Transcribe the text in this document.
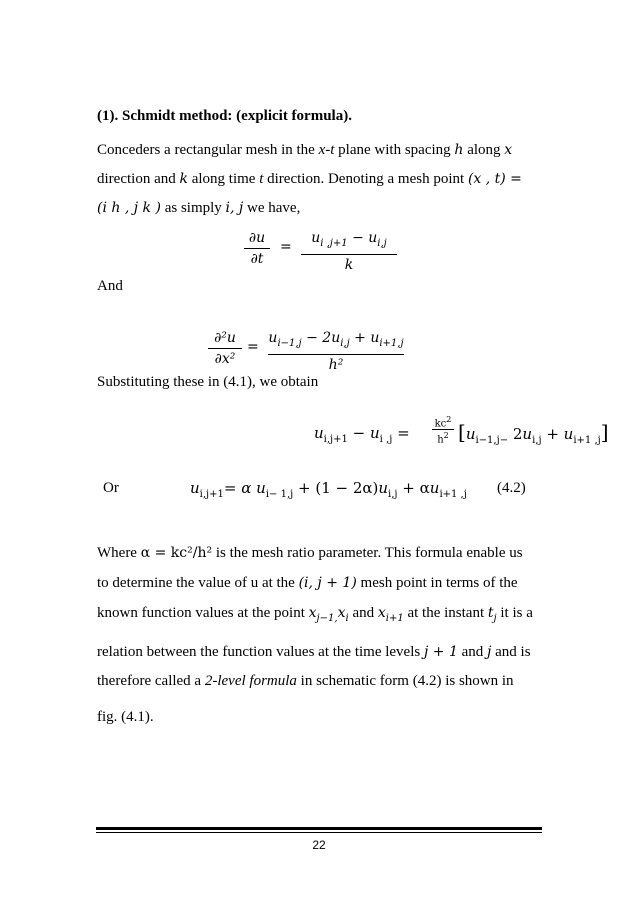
(1). Schmidt method: (explicit formula).
Conceders a rectangular mesh in the x-t plane with spacing h along x
direction and k along time t direction. Denoting a mesh point (x , t) =
(i h , j k ) as simply i, j we have,
∂u
∂t
=
$u_{i ,j+1} - u_{i,j}$
k
And
∂²u
∂x²
=
$u_{i-1,j} - 2u_{i,j} + u_{i+1,j}$
h²
Substituting these in (4.1), we obtain
$u_{i,j+1} - u_{i ,j}$ =
$kc^2$
$h^2$ [$u_{i-1,j-}$ $2u_{i,j} + u_{i+1 ,j}$]
Or	$u_{i,j+1}= \alpha$ $u_{i- 1,j} + (1 - 2\alpha)u_{i,j} + \alpha u_{i+1 ,j}$ (4.2)
Where α = kc²/h² is the mesh ratio parameter. This formula enable us
to determine the value of u at the (i, j + 1) mesh point in terms of the
known function values at the point $x_{j-1,}x_i$ and $x_{i+1}$ at the instant $t_j$ it is a
relation between the function values at the time levels j + 1 and j and is
therefore called a 2-level formula in schematic form (4.2) is shown in
fig. (4.1).
22
